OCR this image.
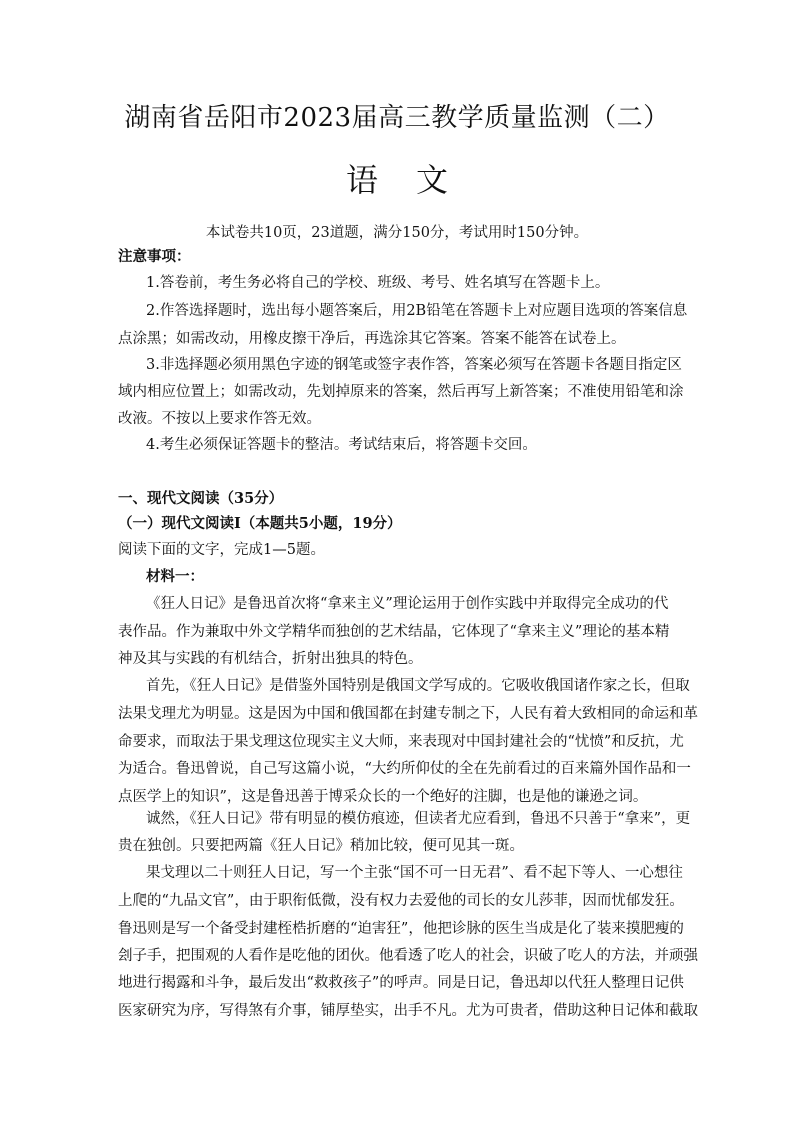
湖南省岳阳市2023届高三教学质量监测（二）
语文
本试卷共10页，23道题，满分150分，考试用时150分钟。
注意事项：
1.答卷前，考生务必将自己的学校、班级、考号、姓名填写在答题卡上。
2.作答选择题时，选出每小题答案后，用2B铅笔在答题卡上对应题目选项的答案信息
点涂黑；如需改动，用橡皮擦干净后，再选涂其它答案。答案不能答在试卷上。
3.非选择题必须用黑色字迹的钢笔或签字表作答，答案必须写在答题卡各题目指定区
域内相应位置上；如需改动，先划掉原来的答案，然后再写上新答案；不准使用铅笔和涂
改液。不按以上要求作答无效。
4.考生必须保证答题卡的整洁。考试结束后，将答题卡交回。
一、现代文阅读（35分）
（一）现代文阅读Ⅰ（本题共5小题，19分）
阅读下面的文字，完成1—5题。
材料一：
《狂人日记》是鲁迅首次将“拿来主义”理论运用于创作实践中并取得完全成功的代
表作品。作为兼取中外文学精华而独创的艺术结晶，它体现了“拿来主义”理论的基本精
神及其与实践的有机结合，折射出独具的特色。
首先，《狂人日记》是借鉴外国特别是俄国文学写成的。它吸收俄国诸作家之长，但取
法果戈理尤为明显。这是因为中国和俄国都在封建专制之下，人民有着大致相同的命运和革
命要求，而取法于果戈理这位现实主义大师，来表现对中国封建社会的“忧愤”和反抗，尤
为适合。鲁迅曾说，自己写这篇小说，“大约所仰仗的全在先前看过的百来篇外国作品和一
点医学上的知识”，这是鲁迅善于博采众长的一个绝好的注脚，也是他的谦逊之词。
诚然，《狂人日记》带有明显的模仿痕迹，但读者尤应看到，鲁迅不只善于“拿来”，更
贵在独创。只要把两篇《狂人日记》稍加比较，便可见其一斑。
果戈理以二十则狂人日记，写一个主张“国不可一日无君”、看不起下等人、一心想往
上爬的“九品文官”，由于职衔低微，没有权力去爱他的司长的女儿莎菲，因而忧郁发狂。
鲁迅则是写一个备受封建桎梏折磨的“迫害狂”，他把诊脉的医生当成是化了装来摸肥瘦的
刽子手，把围观的人看作是吃他的团伙。他看透了吃人的社会，识破了吃人的方法，并顽强
地进行揭露和斗争，最后发出“救救孩子”的呼声。同是日记，鲁迅却以代狂人整理日记供
医家研究为序，写得煞有介事，铺厚垫实，出手不凡。尤为可贵者，借助这种日记体和截取
